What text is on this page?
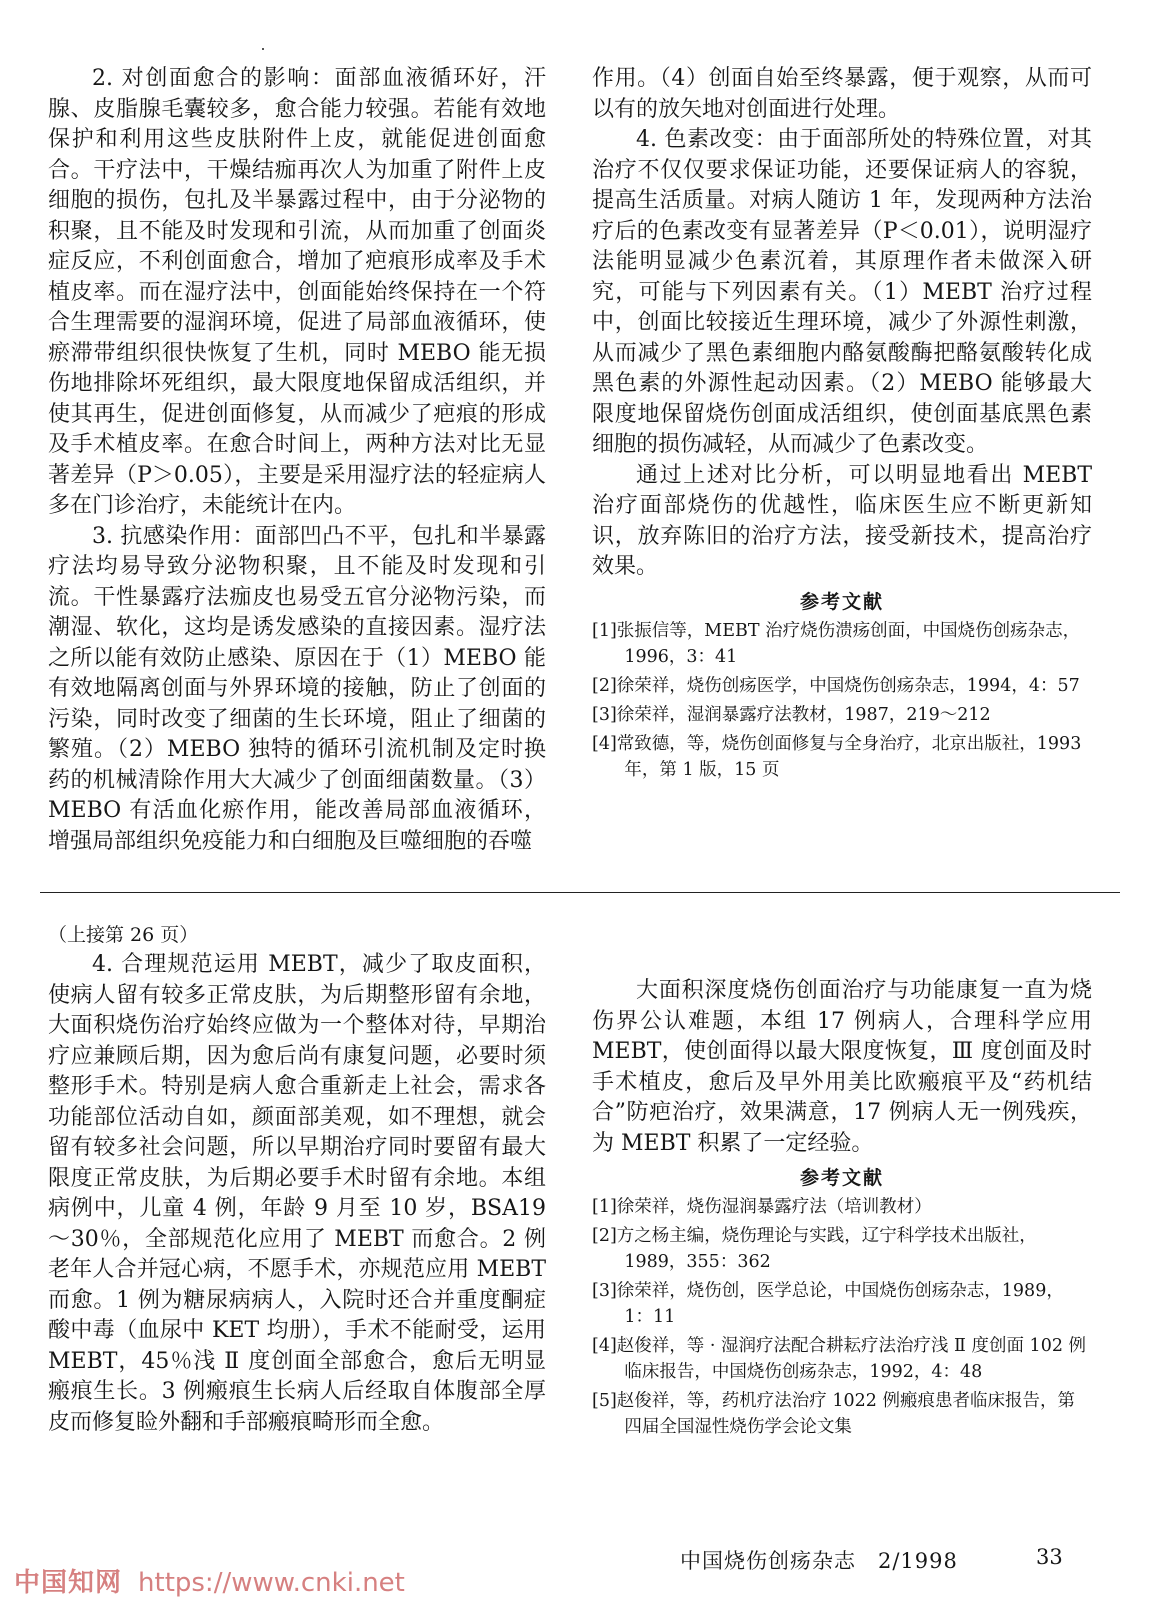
2. 对创面愈合的影响：面部血液循环好，汗腺、皮脂腺毛囊较多，愈合能力较强。若能有效地保护和利用这些皮肤附件上皮，就能促进创面愈合。干疗法中，干燥结痂再次人为加重了附件上皮细胞的损伤，包扎及半暴露过程中，由于分泌物的积聚，且不能及时发现和引流，从而加重了创面炎症反应，不利创面愈合，增加了疤痕形成率及手术植皮率。而在湿疗法中，创面能始终保持在一个符合生理需要的湿润环境，促进了局部血液循环，使瘀滞带组织很快恢复了生机，同时 MEBO 能无损伤地排除坏死组织，最大限度地保留成活组织，并使其再生，促进创面修复，从而减少了疤痕的形成及手术植皮率。在愈合时间上，两种方法对比无显著差异（P＞0.05），主要是采用湿疗法的轻症病人多在门诊治疗，未能统计在内。

3. 抗感染作用：面部凹凸不平，包扎和半暴露疗法均易导致分泌物积聚，且不能及时发现和引流。干性暴露疗法痂皮也易受五官分泌物污染，而潮湿、软化，这均是诱发感染的直接因素。湿疗法之所以能有效防止感染、原因在于（1）MEBO 能有效地隔离创面与外界环境的接触，防止了创面的污染，同时改变了细菌的生长环境，阻止了细菌的繁殖。（2）MEBO 独特的循环引流机制及定时换药的机械清除作用大大减少了创面细菌数量。（3）MEBO 有活血化瘀作用，能改善局部血液循环，增强局部组织免疫能力和白细胞及巨噬细胞的吞噬

作用。（4）创面自始至终暴露，便于观察，从而可以有的放矢地对创面进行处理。

4. 色素改变：由于面部所处的特殊位置，对其治疗不仅仅要求保证功能，还要保证病人的容貌，提高生活质量。对病人随访 1 年，发现两种方法治疗后的色素改变有显著差异（P＜0.01），说明湿疗法能明显减少色素沉着，其原理作者未做深入研究，可能与下列因素有关。（1）MEBT 治疗过程中，创面比较接近生理环境，减少了外源性刺激，从而减少了黑色素细胞内酪氨酸酶把酪氨酸转化成黑色素的外源性起动因素。（2）MEBO 能够最大限度地保留烧伤创面成活组织，使创面基底黑色素细胞的损伤减轻，从而减少了色素改变。

通过上述对比分析，可以明显地看出 MEBT 治疗面部烧伤的优越性，临床医生应不断更新知识，放弃陈旧的治疗方法，接受新技术，提高治疗效果。

参考文献
[1]张振信等，MEBT 治疗烧伤溃疡创面，中国烧伤创疡杂志，1996，3：41
[2]徐荣祥，烧伤创疡医学，中国烧伤创疡杂志，1994，4：57
[3]徐荣祥，湿润暴露疗法教材，1987，219～212
[4]常致德，等，烧伤创面修复与全身治疗，北京出版社，1993 年，第 1 版，15 页

（上接第 26 页）

4. 合理规范运用 MEBT，减少了取皮面积，使病人留有较多正常皮肤，为后期整形留有余地，大面积烧伤治疗始终应做为一个整体对待，早期治疗应兼顾后期，因为愈后尚有康复问题，必要时须整形手术。特别是病人愈合重新走上社会，需求各功能部位活动自如，颜面部美观，如不理想，就会留有较多社会问题，所以早期治疗同时要留有最大限度正常皮肤，为后期必要手术时留有余地。本组病例中，儿童 4 例，年龄 9 月至 10 岁，BSA19～30％，全部规范化应用了 MEBT 而愈合。2 例老年人合并冠心病，不愿手术，亦规范应用 MEBT 而愈。1 例为糖尿病病人，入院时还合并重度酮症酸中毒（血尿中 KET 均册），手术不能耐受，运用 MEBT，45％浅 Ⅱ 度创面全部愈合，愈后无明显瘢痕生长。3 例瘢痕生长病人后经取自体腹部全厚皮而修复睑外翻和手部瘢痕畸形而全愈。

大面积深度烧伤创面治疗与功能康复一直为烧伤界公认难题，本组 17 例病人，合理科学应用 MEBT，使创面得以最大限度恢复，Ⅲ 度创面及时手术植皮，愈后及早外用美比欧瘢痕平及“药机结合”防疤治疗，效果满意，17 例病人无一例残疾，为 MEBT 积累了一定经验。

参考文献
[1]徐荣祥，烧伤湿润暴露疗法（培训教材）
[2]方之杨主编，烧伤理论与实践，辽宁科学技术出版社，1989，355：362
[3]徐荣祥，烧伤创，医学总论，中国烧伤创疡杂志，1989，1：11
[4]赵俊祥，等 · 湿润疗法配合耕耘疗法治疗浅 Ⅱ 度创面 102 例临床报告，中国烧伤创疡杂志，1992，4：48
[5]赵俊祥，等，药机疗法治疗 1022 例瘢痕患者临床报告，第四届全国湿性烧伤学会论文集
中国烧伤创疡杂志　2/1998	33
中国知网 https://www.cnki.net
